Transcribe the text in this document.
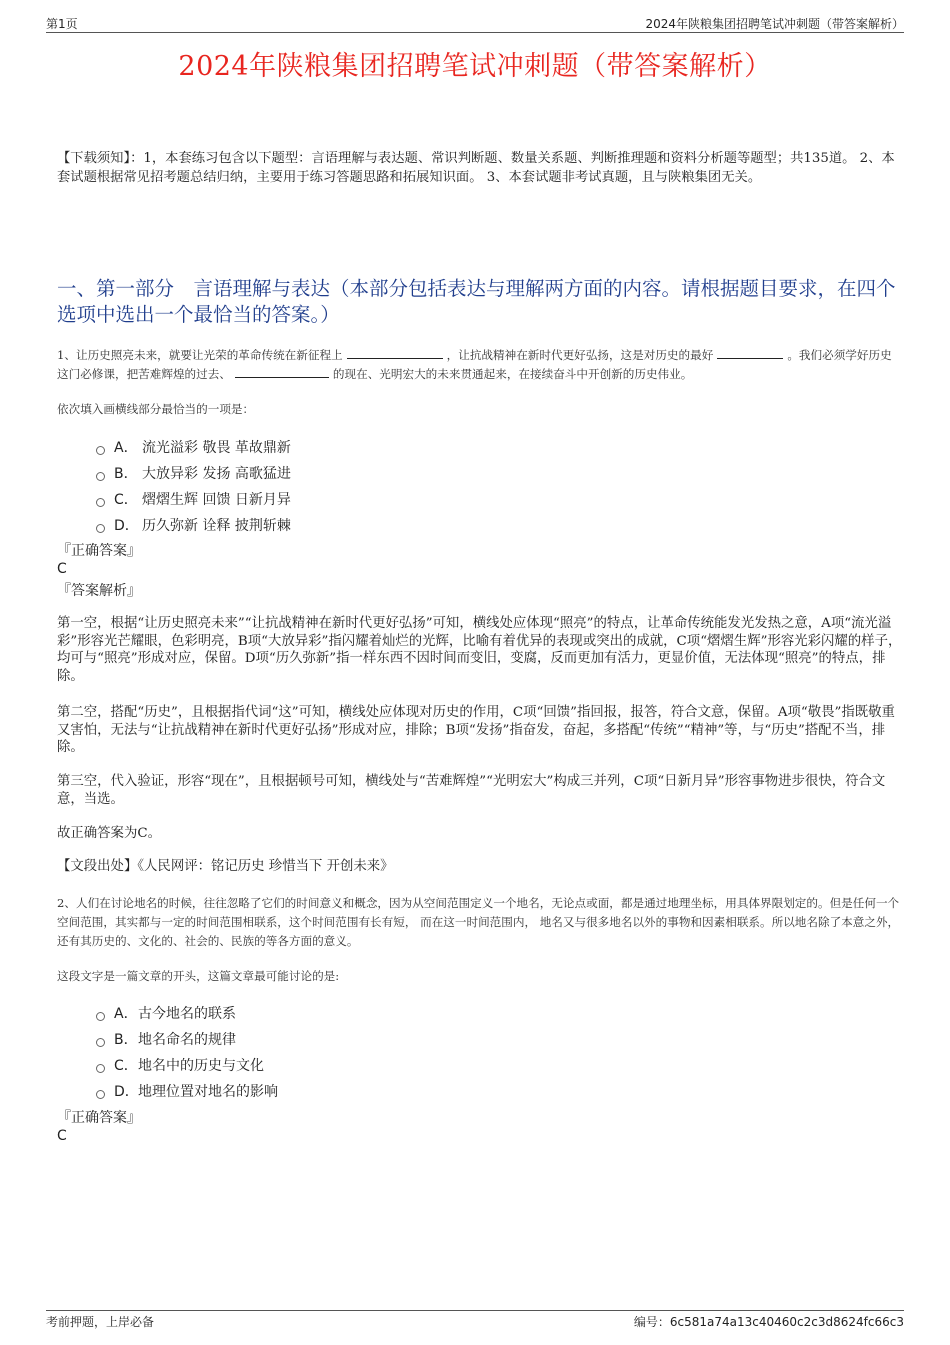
第1页	2024年陕粮集团招聘笔试冲刺题（带答案解析）
2024年陕粮集团招聘笔试冲刺题（带答案解析）
【下载须知】：1，本套练习包含以下题型：言语理解与表达题、常识判断题、数量关系题、判断推理题和资料分析题等题型；共135道。 2、本套试题根据常见招考题总结归纳，主要用于练习答题思路和拓展知识面。 3、本套试题非考试真题，且与陕粮集团无关。
一、第一部分　言语理解与表达（本部分包括表达与理解两方面的内容。请根据题目要求，在四个选项中选出一个最恰当的答案。）
1、让历史照亮未来，就要让光荣的革命传统在新征程上	，让抗战精神在新时代更好弘扬，这是对历史的最好	。我们必须学好历史这门必修课，把苦难辉煌的过去、	的现在、光明宏大的未来贯通起来，在接续奋斗中开创新的历史伟业。
依次填入画横线部分最恰当的一项是：
A． 流光溢彩 敬畏 革故鼎新
B． 大放异彩 发扬 高歌猛进
C． 熠熠生辉 回馈 日新月异
D． 历久弥新 诠释 披荆斩棘
『正确答案』
C
『答案解析』
第一空，根据“让历史照亮未来”“让抗战精神在新时代更好弘扬”可知，横线处应体现“照亮”的特点，让革命传统能发光发热之意，A项“流光溢彩”形容光芒耀眼，色彩明亮，B项“大放异彩”指闪耀着灿烂的光辉，比喻有着优异的表现或突出的成就，C项“熠熠生辉”形容光彩闪耀的样子，均可与“照亮”形成对应，保留。D项“历久弥新”指一样东西不因时间而变旧，变腐，反而更加有活力，更显价值，无法体现“照亮”的特点，排除。
第二空，搭配“历史”，且根据指代词“这”可知，横线处应体现对历史的作用，C项“回馈”指回报，报答，符合文意，保留。A项“敬畏”指既敬重又害怕，无法与“让抗战精神在新时代更好弘扬”形成对应，排除；B项“发扬”指奋发，奋起，多搭配“传统”“精神”等，与“历史”搭配不当，排除。
第三空，代入验证，形容“现在”，且根据顿号可知，横线处与“苦难辉煌”“光明宏大”构成三并列，C项“日新月异”形容事物进步很快，符合文意，当选。
故正确答案为C。
【文段出处】《人民网评：铭记历史 珍惜当下 开创未来》
2、人们在讨论地名的时候，往往忽略了它们的时间意义和概念，因为从空间范围定义一个地名，无论点或面，都是通过地理坐标，用具体界限划定的。但是任何一个空间范围，其实都与一定的时间范围相联系，这个时间范围有长有短， 而在这一时间范围内， 地名又与很多地名以外的事物和因素相联系。所以地名除了本意之外，还有其历史的、文化的、社会的、民族的等各方面的意义。
这段文字是一篇文章的开头，这篇文章最可能讨论的是:
A． 古今地名的联系
B． 地名命名的规律
C． 地名中的历史与文化
D． 地理位置对地名的影响
『正确答案』
C
考前押题，上岸必备	编号：6c581a74a13c40460c2c3d8624fc66c3
